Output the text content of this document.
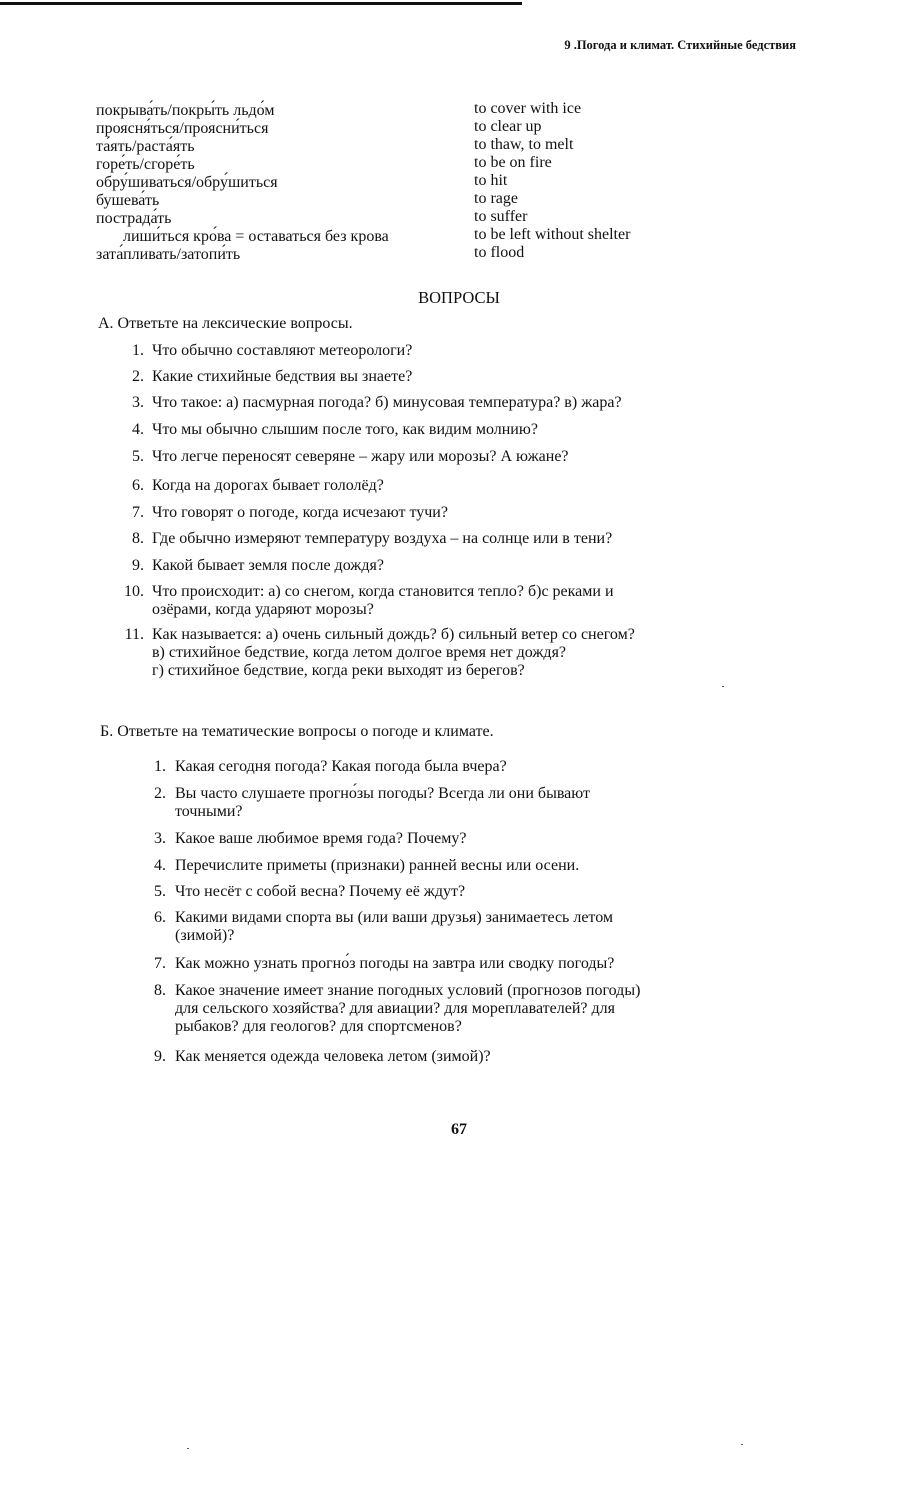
9 .Погода и климат. Стихийные бедствия
покрыва́ть/покры́ть льдо́м	to cover with ice
проясня́ться/проясни́ться	to clear up
та́ять/раста́ять	to thaw, to melt
горе́ть/сгоре́ть	to be on fire
обру́шиваться/обру́шиться	to hit
бушева́ть	to rage
пострада́ть	to suffer
лиши́ться кро́ва = оставаться без крова	to be left without shelter
зата́пливать/затопи́ть	to flood
ВОПРОСЫ
А. Ответьте на лексические вопросы.
1. Что обычно составляют метеорологи?
2. Какие стихийные бедствия вы знаете?
3. Что такое: а) пасмурная погода? б) минусовая температура? в) жара?
4. Что мы обычно слышим после того, как видим молнию?
5. Что легче переносят северяне – жару или морозы? А южане?
6. Когда на дорогах бывает гололёд?
7. Что говорят о погоде, когда исчезают тучи?
8. Где обычно измеряют температуру воздуха – на солнце или в тени?
9. Какой бывает земля после дождя?
10. Что происходит: а) со снегом, когда становится тепло? б)с реками и
озёрами, когда ударяют морозы?
11. Как называется: а) очень сильный дождь? б) сильный ветер со снегом?
в) стихийное бедствие, когда летом долгое время нет дождя?
г) стихийное бедствие, когда реки выходят из берегов?
Б. Ответьте на тематические вопросы о погоде и климате.
1. Какая сегодня погода? Какая погода была вчера?
2. Вы часто слушаете прогно́зы погоды? Всегда ли они бывают
точными?
3. Какое ваше любимое время года? Почему?
4. Перечислите приметы (признаки) ранней весны или осени.
5. Что несёт с собой весна? Почему её ждут?
6. Какими видами спорта вы (или ваши друзья) занимаетесь летом
(зимой)?
7. Как можно узнать прогно́з погоды на завтра или сводку погоды?
8. Какое значение имеет знание погодных условий (прогнозов погоды)
для сельского хозяйства? для авиации? для мореплавателей? для
рыбаков? для геологов? для спортсменов?
9. Как меняется одежда человека летом (зимой)?
67
